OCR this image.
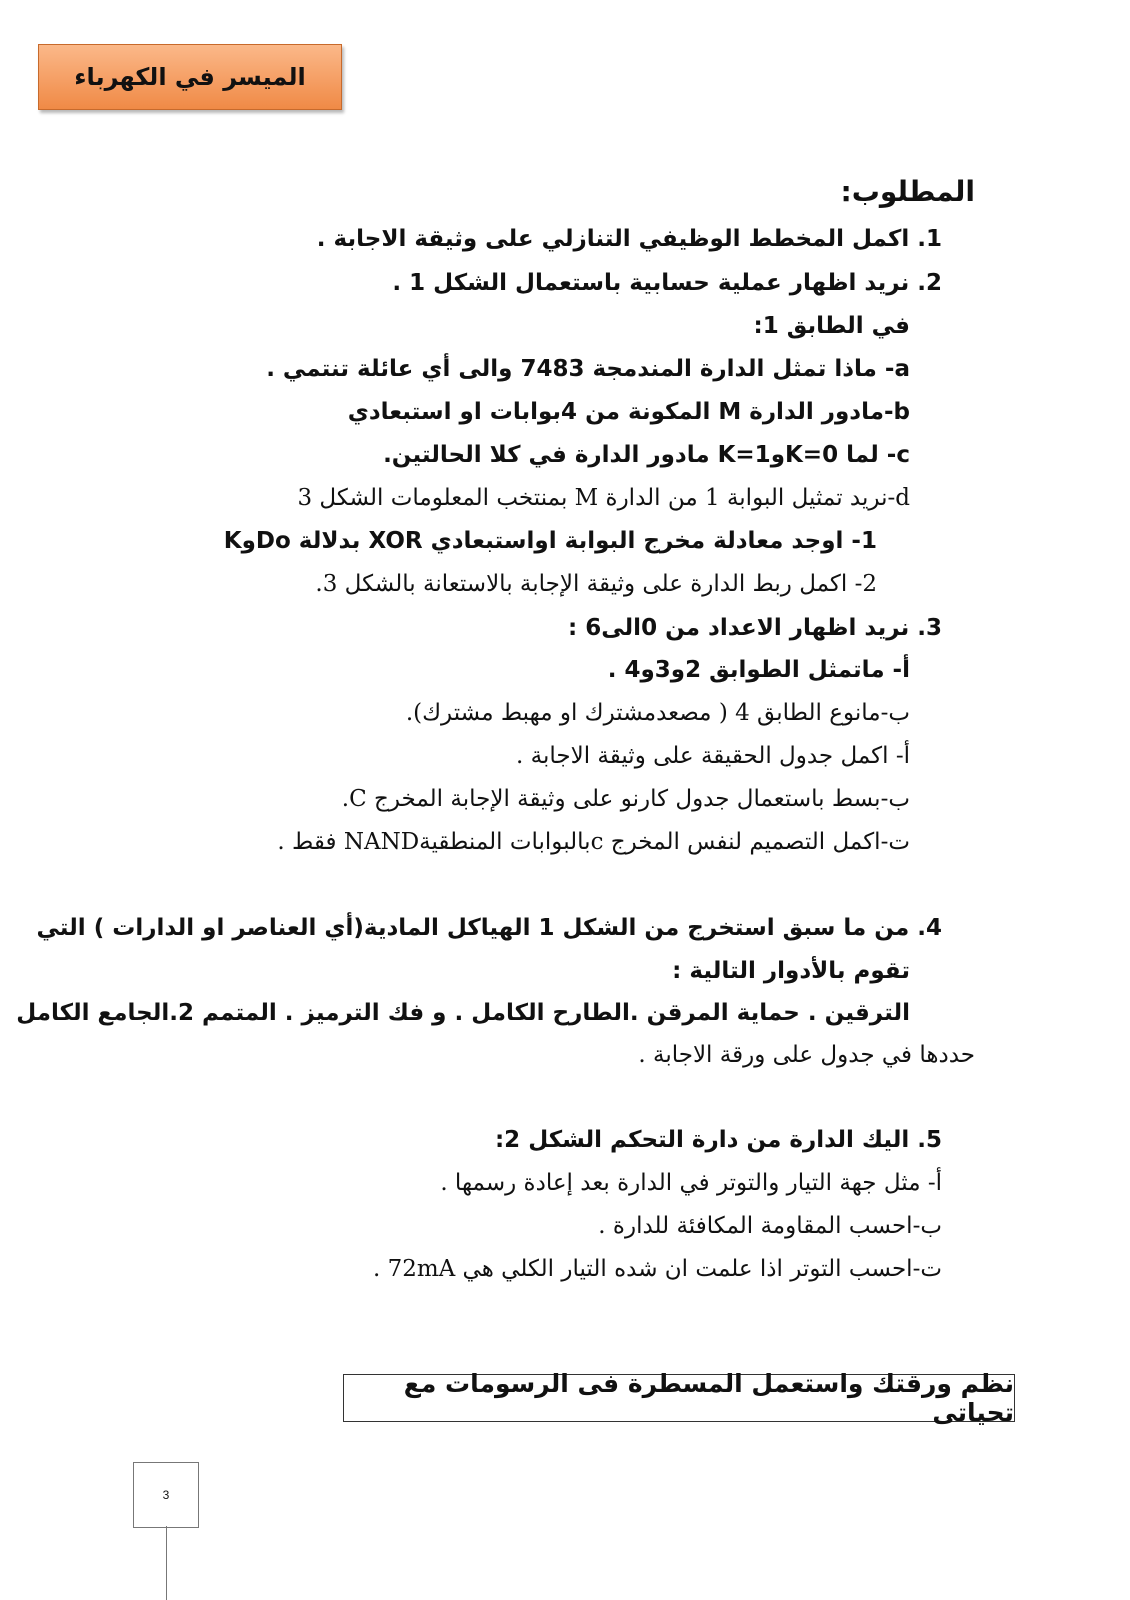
الميسر في الكهرباء
المطلوب:
1. اكمل المخطط الوظيفي التنازلي على وثيقة الاجابة .
2. نريد اظهار عملية حسابية باستعمال الشكل 1 .
في الطابق 1:
a- ماذا تمثل الدارة المندمجة 7483 والى أي عائلة تنتمي .
b-مادور الدارة M المكونة من 4بوابات او استبعادي
c- لما K=0وK=1 مادور الدارة في كلا الحالتين.
d-نريد تمثيل البوابة 1 من الدارة M بمنتخب المعلومات الشكل 3
1- اوجد معادلة مخرج البوابة اواستبعادي XOR بدلالة DoوK
2- اكمل ربط الدارة على وثيقة الإجابة بالاستعانة بالشكل 3.
3. نريد اظهار الاعداد من 0الى6 :
أ- ماتمثل الطوابق 2و3و4 .
ب-مانوع الطابق 4 ( مصعدمشترك او مهبط مشترك).
أ- اكمل جدول الحقيقة على وثيقة الاجابة .
ب-بسط باستعمال جدول كارنو على وثيقة الإجابة المخرج C.
ت-اكمل التصميم لنفس المخرج cبالبوابات المنطقيةNAND فقط .
4. من ما سبق استخرج من الشكل 1 الهياكل المادية(أي العناصر او الدارات ) التي
تقوم بالأدوار التالية :
الترقين . حماية المرقن .الطارح الكامل . و فك الترميز . المتمم 2.الجامع الكامل
حددها في جدول على ورقة الاجابة .
5. اليك الدارة من دارة التحكم الشكل 2:
أ- مثل جهة التيار والتوتر في الدارة بعد إعادة رسمها .
ب-احسب المقاومة المكافئة للدارة .
ت-احسب التوتر اذا علمت ان شده التيار الكلي هي 72mA .
نظم ورقتك واستعمل المسطرة فى الرسومات مع تحياتى
3
